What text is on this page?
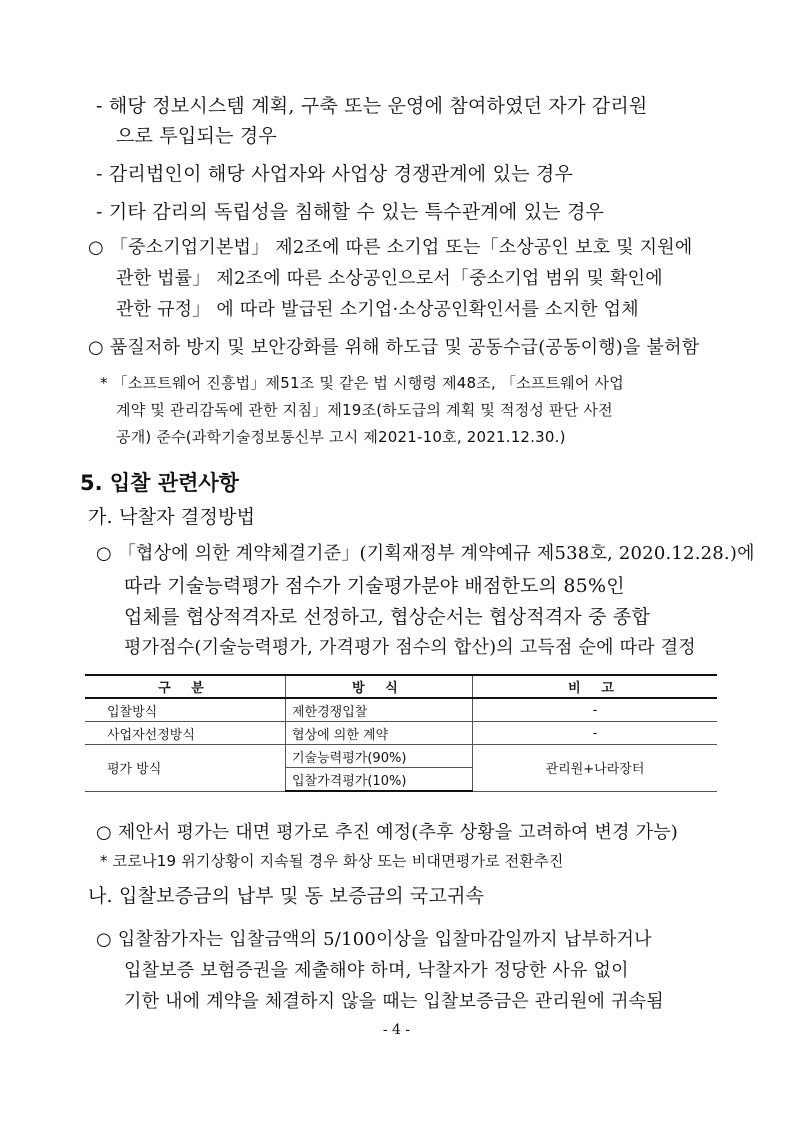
- 해당 정보시스템 계획, 구축 또는 운영에 참여하였던 자가 감리원
으로 투입되는 경우
- 감리법인이 해당 사업자와 사업상 경쟁관계에 있는 경우
- 기타 감리의 독립성을 침해할 수 있는 특수관계에 있는 경우
○ 「중소기업기본법」 제2조에 따른 소기업 또는「소상공인 보호 및 지원에
관한 법률」 제2조에 따른 소상공인으로서「중소기업 범위 및 확인에
관한 규정」 에 따라 발급된 소기업·소상공인확인서를 소지한 업체
○ 품질저하 방지 및 보안강화를 위해 하도급 및 공동수급(공동이행)을 불허함
* 「소프트웨어 진흥법」제51조 및 같은 법 시행령 제48조, 「소프트웨어 사업
계약 및 관리감독에 관한 지침」제19조(하도급의 계획 및 적정성 판단 사전
공개) 준수(과학기술정보통신부 고시 제2021-10호, 2021.12.30.)
5. 입찰 관련사항
가. 낙찰자 결정방법
○ 「협상에 의한 계약체결기준」(기획재정부 계약예규 제538호, 2020.12.28.)에
따라 기술능력평가 점수가 기술평가분야 배점한도의 85%인
업체를 협상적격자로 선정하고, 협상순서는 협상적격자 중 종합
평가점수(기술능력평가, 가격평가 점수의 합산)의 고득점 순에 따라 결정
구 분	방 식	비 고
입찰방식	제한경쟁입찰	-
사업자선정방식	협상에 의한 계약	-
평가 방식	기술능력평가(90%)	관리원+나라장터
	입찰가격평가(10%)	
○ 제안서 평가는 대면 평가로 추진 예정(추후 상황을 고려하여 변경 가능)
* 코로나19 위기상황이 지속될 경우 화상 또는 비대면평가로 전환추진
나. 입찰보증금의 납부 및 동 보증금의 국고귀속
○ 입찰참가자는 입찰금액의 5/100이상을 입찰마감일까지 납부하거나
입찰보증 보험증권을 제출해야 하며, 낙찰자가 정당한 사유 없이
기한 내에 계약을 체결하지 않을 때는 입찰보증금은 관리원에 귀속됨
- 4 -
